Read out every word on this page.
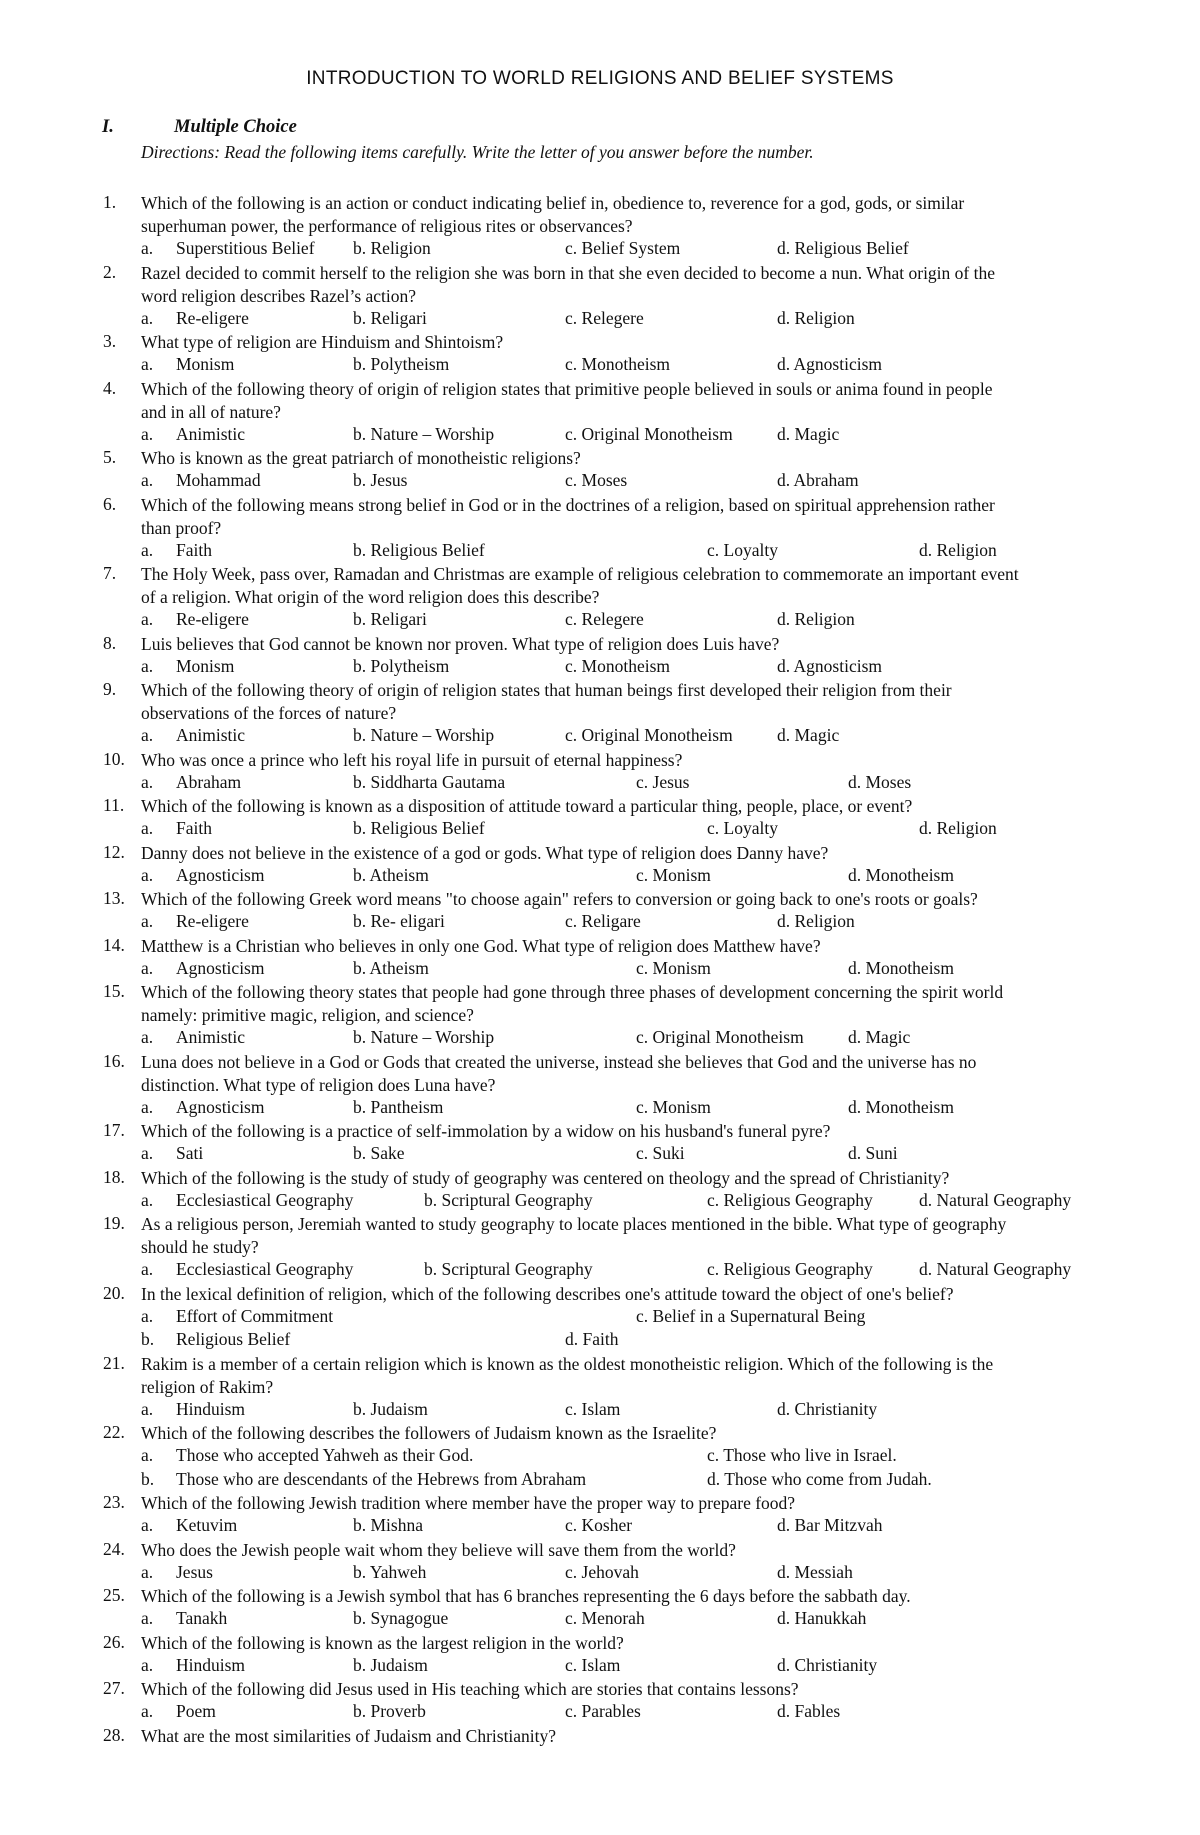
INTRODUCTION TO WORLD RELIGIONS AND BELIEF SYSTEMS
I.	Multiple Choice
Directions: Read the following items carefully. Write the letter of you answer before the number.
1.	Which of the following is an action or conduct indicating belief in, obedience to, reverence for a god, gods, or similar
superhuman power, the performance of religious rites or observances?
a. Superstitious Belief b. Religion	c. Belief System	d. Religious Belief
2.	Razel decided to commit herself to the religion she was born in that she even decided to become a nun. What origin of the
word religion describes Razel’s action?
a. Re-eligere	b. Religari	c. Relegere	d. Religion
3.	What type of religion are Hinduism and Shintoism?
a. Monism	b. Polytheism	c. Monotheism	d. Agnosticism
4.	Which of the following theory of origin of religion states that primitive people believed in souls or anima found in people
and in all of nature?
a. Animistic	b. Nature – Worship	c. Original Monotheism	d. Magic
5.	Who is known as the great patriarch of monotheistic religions?
a. Mohammad	b. Jesus	c. Moses	d. Abraham
6.	Which of the following means strong belief in God or in the doctrines of a religion, based on spiritual apprehension rather
than proof?
a. Faith	b. Religious Belief	c. Loyalty	d. Religion
7.	The Holy Week, pass over, Ramadan and Christmas are example of religious celebration to commemorate an important event
of a religion. What origin of the word religion does this describe?
a. Re-eligere	b. Religari	c. Relegere	d. Religion
8.	Luis believes that God cannot be known nor proven. What type of religion does Luis have?
a. Monism	b. Polytheism	c. Monotheism	d. Agnosticism
9.	Which of the following theory of origin of religion states that human beings first developed their religion from their
observations of the forces of nature?
a. Animistic	b. Nature – Worship	c. Original Monotheism	d. Magic
10. Who was once a prince who left his royal life in pursuit of eternal happiness?
a. Abraham	b. Siddharta Gautama	c. Jesus	d. Moses
11. Which of the following is known as a disposition of attitude toward a particular thing, people, place, or event?
a. Faith	b. Religious Belief	c. Loyalty	d. Religion
12. Danny does not believe in the existence of a god or gods. What type of religion does Danny have?
a. Agnosticism	b. Atheism	c. Monism	d. Monotheism
13. Which of the following Greek word means "to choose again" refers to conversion or going back to one's roots or goals?
a. Re-eligere	b. Re- eligari	c. Religare	d. Religion
14. Matthew is a Christian who believes in only one God. What type of religion does Matthew have?
a. Agnosticism	b. Atheism	c. Monism	d. Monotheism
15. Which of the following theory states that people had gone through three phases of development concerning the spirit world
namely: primitive magic, religion, and science?
a. Animistic	b. Nature – Worship	c. Original Monotheism	d. Magic
16. Luna does not believe in a God or Gods that created the universe, instead she believes that God and the universe has no
distinction. What type of religion does Luna have?
a. Agnosticism	b. Pantheism	c. Monism	d. Monotheism
17. Which of the following is a practice of self-immolation by a widow on his husband's funeral pyre?
a. Sati	b. Sake	c. Suki	d. Suni
18. Which of the following is the study of study of geography was centered on theology and the spread of Christianity?
a. Ecclesiastical Geography	b. Scriptural Geography	c. Religious Geography	d. Natural Geography
19. As a religious person, Jeremiah wanted to study geography to locate places mentioned in the bible. What type of geography
should he study?
a. Ecclesiastical Geography	b. Scriptural Geography	c. Religious Geography	d. Natural Geography
20. In the lexical definition of religion, which of the following describes one's attitude toward the object of one's belief?
a. Effort of Commitment	c. Belief in a Supernatural Being
b. Religious Belief	d. Faith
21. Rakim is a member of a certain religion which is known as the oldest monotheistic religion. Which of the following is the
religion of Rakim?
a. Hinduism	b. Judaism	c. Islam	d. Christianity
22. Which of the following describes the followers of Judaism known as the Israelite?
a. Those who accepted Yahweh as their God.	c. Those who live in Israel.
b. Those who are descendants of the Hebrews from Abraham	d. Those who come from Judah.
23. Which of the following Jewish tradition where member have the proper way to prepare food?
a. Ketuvim	b. Mishna	c. Kosher	d. Bar Mitzvah
24. Who does the Jewish people wait whom they believe will save them from the world?
a. Jesus	b. Yahweh	c. Jehovah	d. Messiah
25. Which of the following is a Jewish symbol that has 6 branches representing the 6 days before the sabbath day.
a. Tanakh	b. Synagogue	c. Menorah	d. Hanukkah
26. Which of the following is known as the largest religion in the world?
a. Hinduism	b. Judaism	c. Islam	d. Christianity
27. Which of the following did Jesus used in His teaching which are stories that contains lessons?
a. Poem	b. Proverb	c. Parables	d. Fables
28. What are the most similarities of Judaism and Christianity?
